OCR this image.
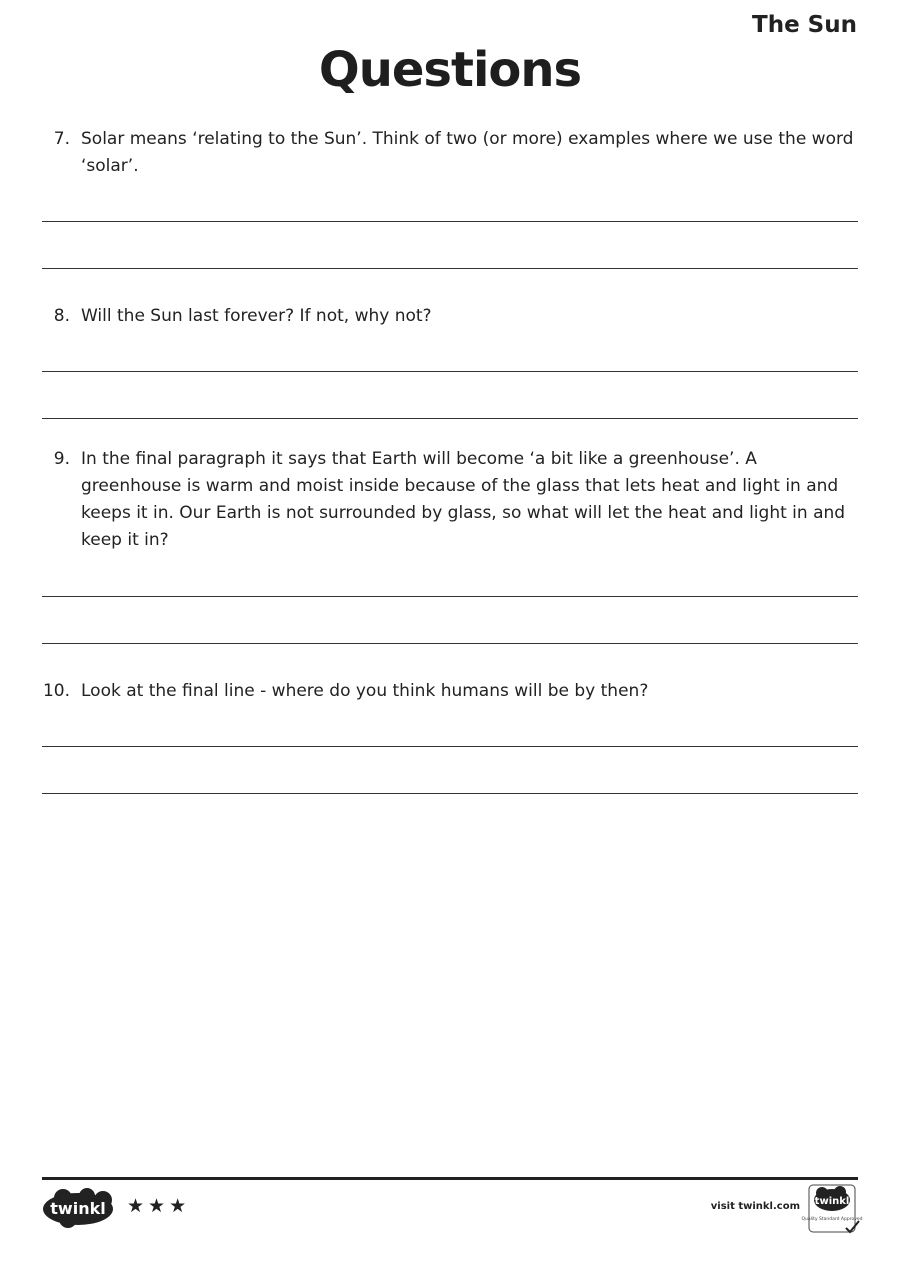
The Sun
Questions
7. Solar means ‘relating to the Sun’. Think of two (or more) examples where we use the word ‘solar’.
8. Will the Sun last forever? If not, why not?
9. In the final paragraph it says that Earth will become ‘a bit like a greenhouse’. A greenhouse is warm and moist inside because of the glass that lets heat and light in and keeps it in. Our Earth is not surrounded by glass, so what will let the heat and light in and keep it in?
10. Look at the final line - where do you think humans will be by then?
twinkl ★ ★ ★	visit twinkl.com twinkl
Quality Standard Approved
